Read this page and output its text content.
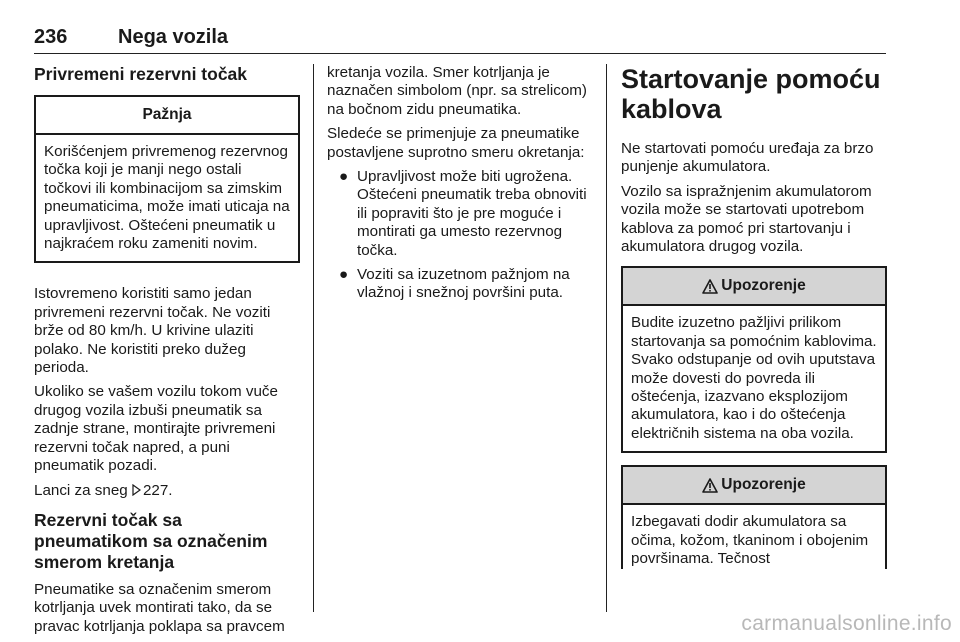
236	Nega vozila
Privremeni rezervni točak
Pažnja

Korišćenjem privremenog rezervnog točka koji je manji nego ostali točkovi ili kombinacijom sa zimskim pneumaticima, može imati uticaja na upravljivost. Oštećeni pneumatik u najkraćem roku zameniti novim.

Istovremeno koristiti samo jedan privremeni rezervni točak. Ne voziti brže od 80 km/h. U krivine ulaziti polako. Ne koristiti preko dužeg perioda.

Ukoliko se vašem vozilu tokom vuče drugog vozila izbuši pneumatik sa zadnje strane, montirajte privremeni rezervni točak napred, a puni pneumatik pozadi.

Lanci za sneg 227.

Rezervni točak sa pneumatikom sa označenim smerom kretanja

Pneumatike sa označenim smerom kotrljanja uvek montirati tako, da se pravac kotrljanja poklapa sa pravcem

kretanja vozila. Smer kotrljanja je naznačen simbolom (npr. sa strelicom) na bočnom zidu pneumatika.

Sledeće se primenjuje za pneumatike postavljene suprotno smeru okretanja:

● Upravljivost može biti ugrožena. Oštećeni pneumatik treba obnoviti ili popraviti što je pre moguće i montirati ga umesto rezervnog točka.
● Voziti sa izuzetnom pažnjom na vlažnoj i snežnoj površini puta.
Startovanje pomoću kablova

Ne startovati pomoću uređaja za brzo punjenje akumulatora.

Vozilo sa ispražnjenim akumulatorom vozila može se startovati upotrebom kablova za pomoć pri startovanju i akumulatora drugog vozila.

Upozorenje

Budite izuzetno pažljivi prilikom startovanja sa pomoćnim kablovima. Svako odstupanje od ovih uputstava može dovesti do povreda ili oštećenja, izazvano eksplozijom akumulatora, kao i do oštećenja električnih sistema na oba vozila.

Upozorenje

Izbegavati dodir akumulatora sa očima, kožom, tkaninom i obojenim površinama. Tečnost

carmanualsonline.info
